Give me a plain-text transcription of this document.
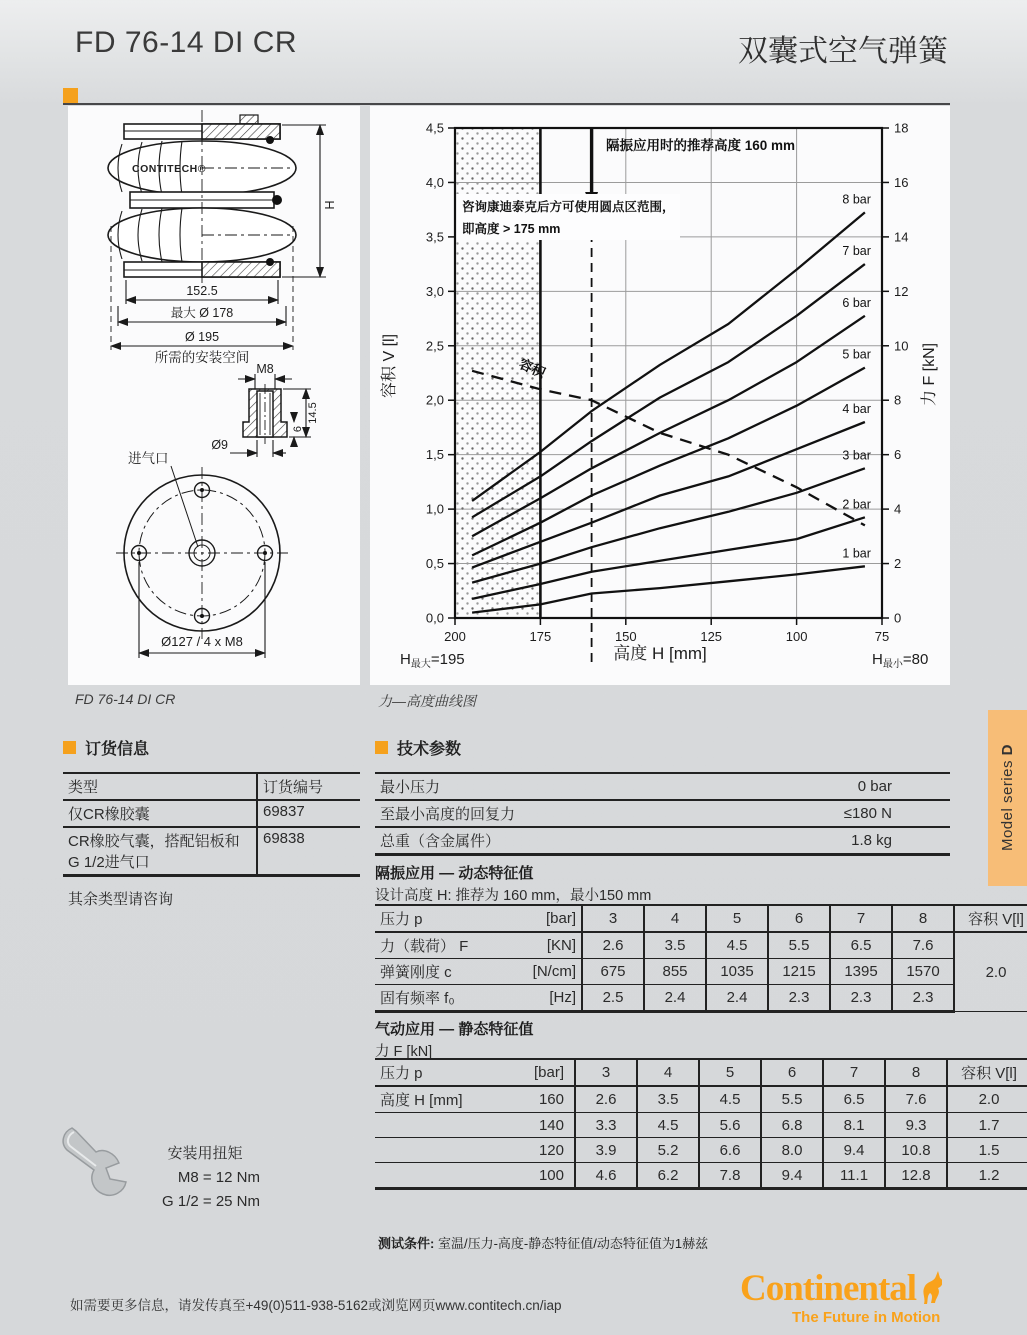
FD 76-14 DI CR	双囊式空气弹簧
CONTITECH®
H
152.5
最大 Ø 178
Ø 195
所需的安装空间
M8
14.5
6
Ø9
进气口
Ø127 / 4 x M8
FD 76-14 DI CR
1 bar
2 bar
3 bar
4 bar
5 bar
6 bar
7 bar
8 bar
4,5
4,0
3,5
3,0
2,5
2,0
1,5
1,0
0,5
0,0
18
16
14
12
10
8
6
4
2
0
200	175	150	125	100	75
隔振应用时的推荐高度 160 mm
咨询康迪泰克后方可使用圆点区范围，
即高度 > 175 mm
容积
容积 V [l]	力 F [kN]
高度 H [mm]
$H_{最大}=195$	$H_{最小}=80$
力—高度曲线图
订货信息
类型	订货编号
仅CR橡胶囊	69837
CR橡胶气囊，搭配铝板和G 1/2进气口	69838
其余类型请咨询
技术参数
最小压力	0 bar
至最小高度的回复力	≤180 N
总重（含金属件）	1.8 kg
隔振应用 — 动态特征值
设计高度 H: 推荐为 160 mm，最小150 mm
压力 p	[bar]	3	4	5	6	7	8	容积 V[l]
力（载荷） F	[KN]	2.6	3.5	4.5	5.5	6.5	7.6	2.0
弹簧刚度 c	[N/cm]	675	855	1035	1215	1395	1570	
固有频率 f₀	[Hz]	2.5	2.4	2.4	2.3	2.3	2.3	
气动应用 — 静态特征值
力 F [kN]
压力 p	[bar]	3	4	5	6	7	8	容积 V[l]
高度 H [mm]	160	2.6	3.5	4.5	5.5	6.5	7.6	2.0
	140	3.3	4.5	5.6	6.8	8.1	9.3	1.7
	120	3.9	5.2	6.6	8.0	9.4	10.8	1.5
	100	4.6	6.2	7.8	9.4	11.1	12.8	1.2
安装用扭矩
M8 = 12 Nm
G 1/2 = 25 Nm
测试条件: 室温/压力-高度-静态特征值/动态特征值为1赫兹
如需要更多信息，请发传真至+49(0)511-938-5162或浏览网页www.contitech.cn/iap	Continental
The Future in Motion
Model series D
